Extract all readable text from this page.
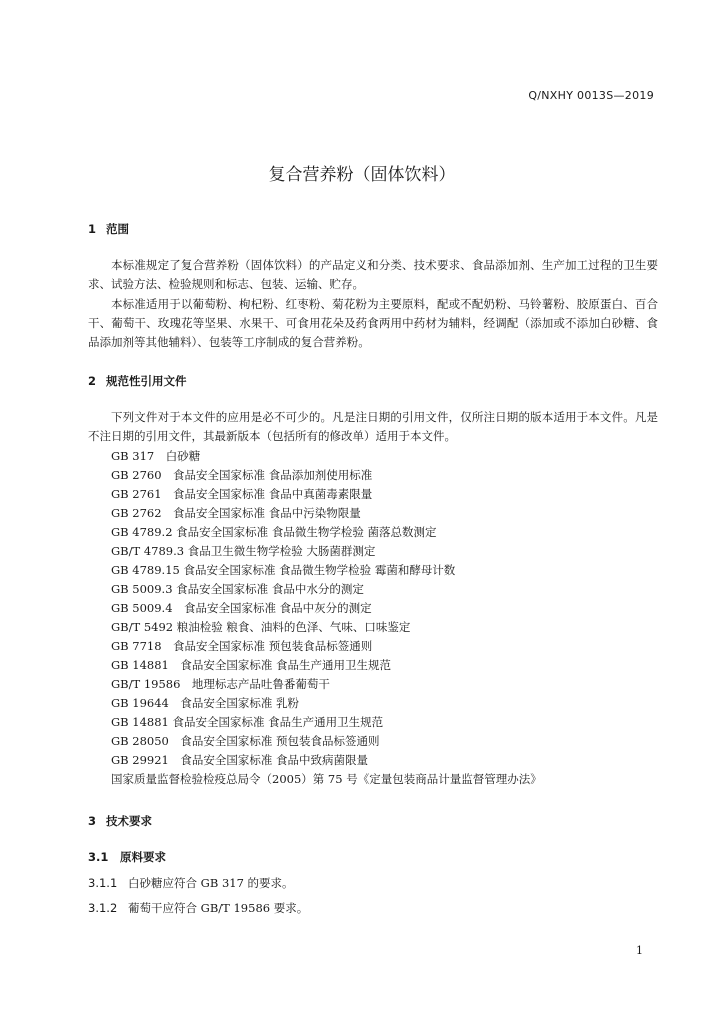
Q/NXHY 0013S—2019
复合营养粉（固体饮料）
1 范围
本标准规定了复合营养粉（固体饮料）的产品定义和分类、技术要求、食品添加剂、生产加工过程的卫生要求、试验方法、检验规则和标志、包装、运输、贮存。
本标准适用于以葡萄粉、枸杞粉、红枣粉、菊花粉为主要原料，配或不配奶粉、马铃薯粉、胶原蛋白、百合干、葡萄干、玫瑰花等坚果、水果干、可食用花朵及药食两用中药材为辅料，经调配（添加或不添加白砂糖、食品添加剂等其他辅料）、包装等工序制成的复合营养粉。
2 规范性引用文件
下列文件对于本文件的应用是必不可少的。凡是注日期的引用文件，仅所注日期的版本适用于本文件。凡是不注日期的引用文件，其最新版本（包括所有的修改单）适用于本文件。
GB 317　白砂糖
GB 2760　食品安全国家标准 食品添加剂使用标准
GB 2761　食品安全国家标准 食品中真菌毒素限量
GB 2762　食品安全国家标准 食品中污染物限量
GB 4789.2 食品安全国家标准 食品微生物学检验 菌落总数测定
GB/T 4789.3 食品卫生微生物学检验 大肠菌群测定
GB 4789.15 食品安全国家标准 食品微生物学检验 霉菌和酵母计数
GB 5009.3 食品安全国家标准 食品中水分的测定
GB 5009.4　食品安全国家标准 食品中灰分的测定
GB/T 5492 粮油检验 粮食、油料的色泽、气味、口味鉴定
GB 7718　食品安全国家标准 预包装食品标签通则
GB 14881　食品安全国家标准 食品生产通用卫生规范
GB/T 19586　地理标志产品吐鲁番葡萄干
GB 19644　食品安全国家标准 乳粉
GB 14881 食品安全国家标准 食品生产通用卫生规范
GB 28050　食品安全国家标准 预包装食品标签通则
GB 29921　食品安全国家标准 食品中致病菌限量
国家质量监督检验检疫总局令（2005）第 75 号《定量包装商品计量监督管理办法》
3 技术要求
3.1 原料要求
3.1.1 白砂糖应符合 GB 317 的要求。
3.1.2 葡萄干应符合 GB/T 19586 要求。
1
